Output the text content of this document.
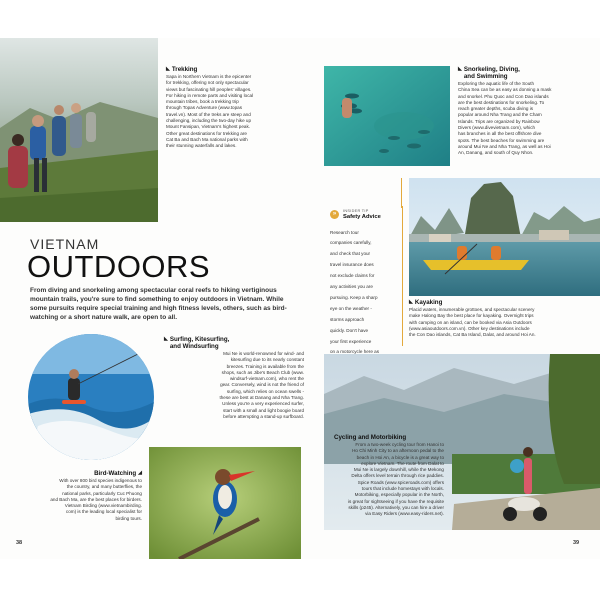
◣ Trekking

Sapa in Northern Vietnam is the epicenter

for trekking, offering not only spectacular

views but fascinating hill peoples' villages.

For hiking in remote parts and visiting local

mountain tribes, book a trekking trip

through Topas Adventure (www.topas

travel.vn). Most of the treks are steep and

challenging, including the two-day hike up

Mount Fansipan, Vietnam's highest peak.

Other great destinations for trekking are

Cat Ba and Bach Ma national parks with

their stunning waterfalls and lakes.

◣ Snorkeling, Diving,
and Swimming

Exploring the aquatic life of the South

China Sea can be as easy as donning a mask

and snorkel. Phu Quoc and Con Dao islands

are the best destinations for snorkeling. To

reach greater depths, scuba diving is

popular around Nha Trang and the Cham

Islands. Trips are organized by Rainbow

Divers (www.divevietnam.com), which

has branches in all the best offshore dive

spots. The best beaches for swimming are

around Mui Ne and Nha Trang, as well as Hoi

An, Danang, and south of Quy Nhon.

VIETNAM
OUTDOORS
From diving and snorkeling among spectacular coral reefs to hiking vertiginous mountain trails, you're sure to find something to enjoy outdoors in Vietnam. While some pursuits require special training and high fitness levels, others, such as bird-watching or a short nature walk, are open to all.
»	INSIDER TIP
Safety Advice

Research tour

companies carefully,

and check that your

travel insurance does

not exclude claims for

any activities you are

pursuing. Keep a sharp

eye on the weather -

storms approach

quickly. Don't have

your first experience

on a motorcycle here as

◣ Kayaking

Placid waters, innumerable grottoes, and spectacular scenery

make Halong Bay the best place for kayaking. Overnight trips

with camping on an island, can be booked via Asia Outdoors

(www.asiaoutdoors.com.vn). Other key destinations include

the Con Dao islands, Cat Ba Island, Dalat, and around Hoi An.

◣ Surfing, Kitesurfing,
and Windsurfing

Mui Ne is world-renowned for wind- and

kitesurfing due to its nearly constant

breezes. Training is available from the

shops, such as Jibe's Beach Club (www.

windsurf-vietnam.com), who rent the

gear. Conversely, wind is not the friend of

surfing, which relies on ocean swells -

these are best at Danang and Nha Trang.

Unless you're a very experienced surfer,

start with a small and light boogie board

before attempting a stand-up surfboard.

Bird-Watching ◢

With over 800 bird species indigenous to

the country, and many butterflies, the

national parks, particularly Cuc Phuong

and Bach Ma, are the best places for birders.

Vietnam Birding (www.vietnambirding.

com) is the leading local specialist for

birding tours.

Cycling and Motorbiking

From a two-week cycling tour from Hanoi to

Ho Chi Minh City to an afternoon pedal to the

beach in Hoi An, a bicycle is a great way to

explore Vietnam. The route from Dalat to

Mui Ne is largely downhill, while the Mekong

Delta offers level terrain through rice paddies.

Spice Roads (www.spiceroads.com) offers

tours that include homestays with locals.

Motorbiking, especially popular in the North,

is great for sightseeing if you have the requisite

skills (p245). Alternatively, you can hire a driver

via Easy Riders (www.easy-riders.net).

38	39
